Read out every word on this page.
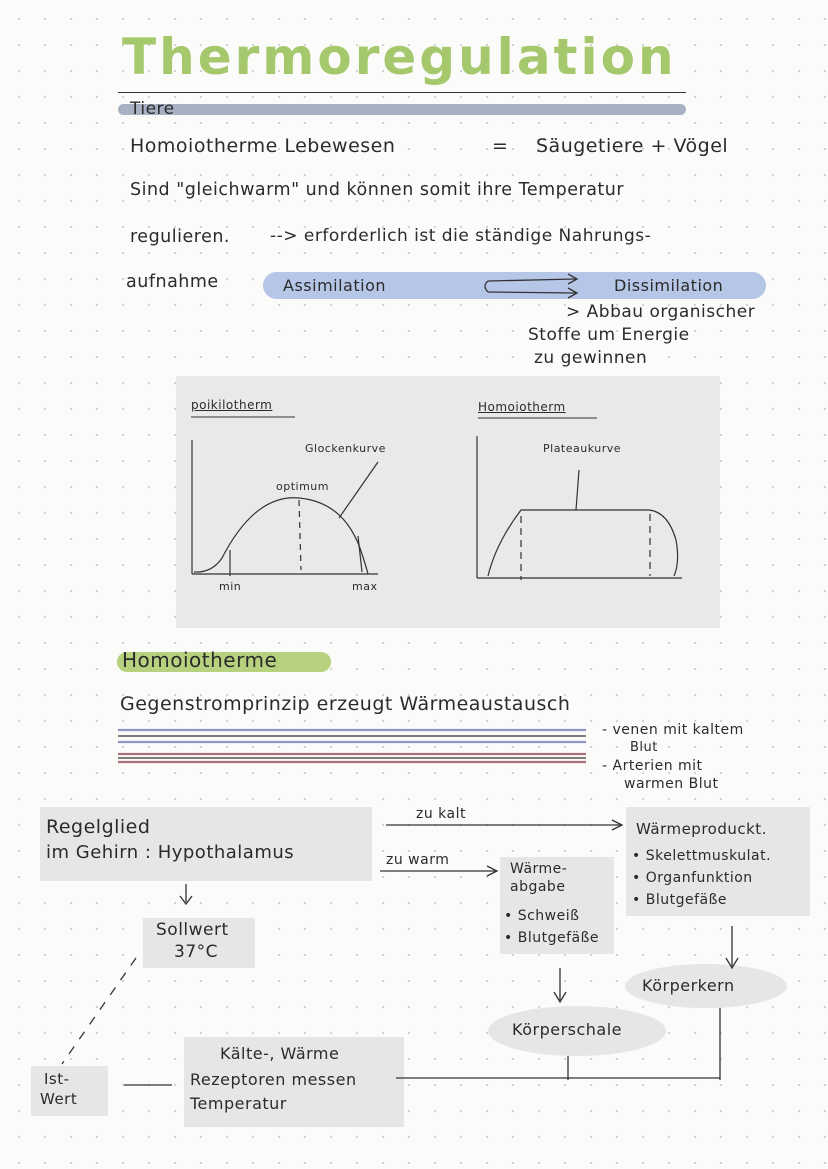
Thermoregulation
Tiere
Homoiotherme Lebewesen	= Säugetiere + Vögel
Sind "gleichwarm" und können somit ihre Temperatur
regulieren. --> erforderlich ist die ständige Nahrungs-
aufnahme	Assimilation	Dissimilation
> Abbau organischer
Stoffe um Energie
zu gewinnen
poikilotherm
Glockenkurve
optimum
min	max
Homoiotherm
Plateaukurve
Homoiotherme
Gegenstromprinzip erzeugt Wärmeaustausch
- venen mit kaltem
Blut
- Arterien mit
warmen Blut
Regelglied
im Gehirn : Hypothalamus
zu kalt
zu warm
Wärmeproduckt.
• Skelettmuskulat.
• Organfunktion
• Blutgefäße
Wärme-
abgabe
• Schweiß
• Blutgefäße
Sollwert
37°C
Körperkern
Körperschale
Kälte-, Wärme
Rezeptoren messen
Temperatur
Ist-
Wert
